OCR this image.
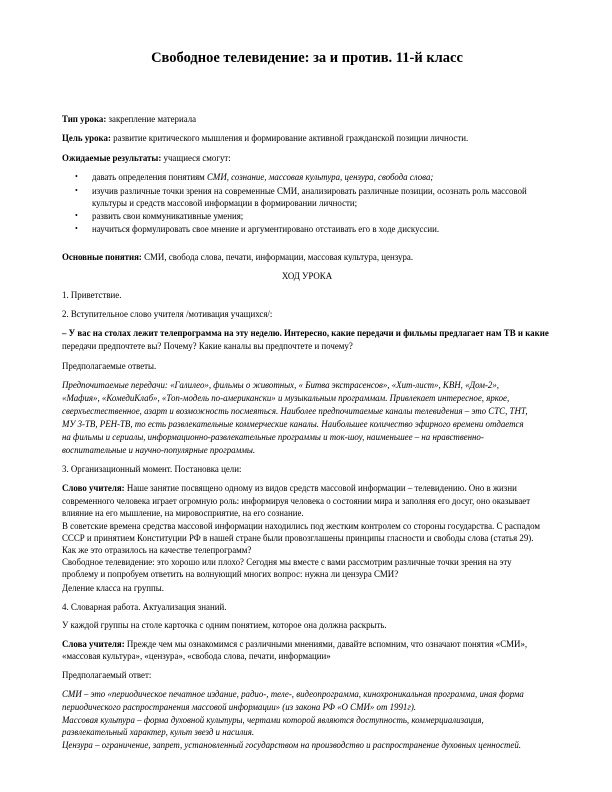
Свободное телевидение: за и против. 11-й класс
Тип урока: закрепление материала
Цель урока: развитие критического мышления и формирование активной гражданской позиции личности.
Ожидаемые результаты: учащиеся смогут:
• давать определения понятиям СМИ, сознание, массовая культура, цензура, свобода слова;
• изучив различные точки зрения на современные СМИ, анализировать различные позиции, осознать роль массовой
культуры и средств массовой информации в формировании личности;
• развить свои коммуникативные умения;
• научиться формулировать свое мнение и аргументировано отстаивать его в ходе дискуссии.
Основные понятия: СМИ, свобода слова, печати, информации, массовая культура, цензура.
ХОД УРОКА
1. Приветствие.
2. Вступительное слово учителя /мотивация учащихся/:
– У вас на столах лежит телепрограмма на эту неделю. Интересно, какие передачи и фильмы предлагает нам ТВ и какие
передачи предпочтете вы? Почему? Какие каналы вы предпочтете и почему?
Предполагаемые ответы.
Предпочитаемые передачи: «Галилео», фильмы о животных, « Битва экстрасенсов», «Хит-лист», КВН, «Дом-2»,
«Мафия», «КомедиКлаб», «Топ-модель по-американски» и музыкальным программам. Привлекает интересное, яркое,
сверхъестественное, азарт и возможность посмеяться. Наиболее предпочитаемые каналы телевидения – это СТС, ТНТ,
МУ 3-ТВ, РЕН-ТВ, то есть развлекательные коммерческие каналы. Наибольшее количество эфирного времени отдается
на фильмы и сериалы, информационно-развлекательные программы и ток-шоу, наименьшее – на нравственно-
воспитательные и научно-популярные программы.
3. Организационный момент. Постановка цели:
Слово учителя: Наше занятие посвящено одному из видов средств массовой информации – телевидению. Оно в жизни
современного человека играет огромную роль: информируя человека о состоянии мира и заполняя его досуг, оно оказывает
влияние на его мышление, на мировосприятие, на его сознание.
В советские времена средства массовой информации находились под жестким контролем со стороны государства. С распадом
СССР и принятием Конституции РФ в нашей стране были провозглашены принципы гласности и свободы слова (статья 29).
Как же это отразилось на качестве телепрограмм?
Свободное телевидение: это хорошо или плохо? Сегодня мы вместе с вами рассмотрим различные точки зрения на эту
проблему и попробуем ответить на волнующий многих вопрос: нужна ли цензура СМИ?
Деление класса на группы.
4. Словарная работа. Актуализация знаний.
У каждой группы на столе карточка с одним понятием, которое она должна раскрыть.
Слова учителя: Прежде чем мы ознакомимся с различными мнениями, давайте вспомним, что означают понятия «СМИ»,
«массовая культура», «цензура», «свобода слова, печати, информации»
Предполагаемый ответ:
СМИ – это «периодическое печатное издание, радио-, теле-, видеопрограмма, кинохроникальная программа, иная форма
периодического распространения массовой информации» (из закона РФ «О СМИ» от 1991г).
Массовая культура – форма духовной культуры, чертами которой являются доступность, коммерциализация,
развлекательный характер, культ звезд и насилия.
Цензура – ограничение, запрет, установленный государством на производство и распространение духовных ценностей.
